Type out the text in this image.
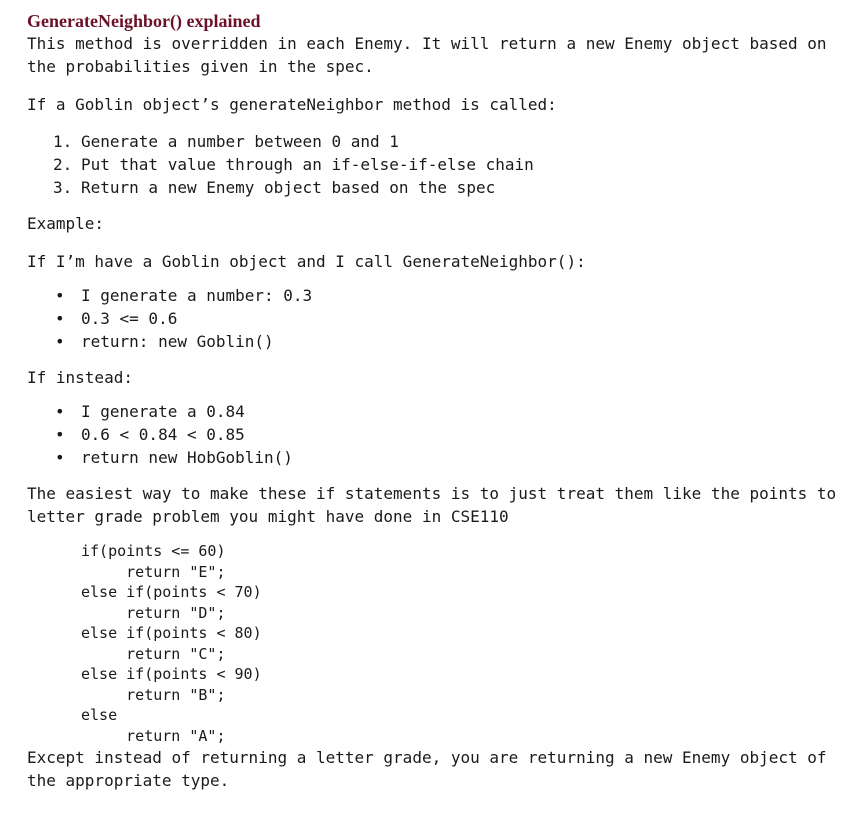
GenerateNeighbor() explained

This method is overridden in each Enemy. It will return a new Enemy object based on the probabilities given in the spec.

If a Goblin object’s generateNeighbor method is called:

1. Generate a number between 0 and 1
2. Put that value through an if-else-if-else chain
3. Return a new Enemy object based on the spec

Example:

If I’m have a Goblin object and I call GenerateNeighbor():

• I generate a number: 0.3
• 0.3 <= 0.6
• return: new Goblin()

If instead:

• I generate a 0.84
• 0.6 < 0.84 < 0.85
• return new HobGoblin()

The easiest way to make these if statements is to just treat them like the points to letter grade problem you might have done in CSE110

if(points <= 60)
return "E";
else if(points < 70)
return "D";
else if(points < 80)
return "C";
else if(points < 90)
return "B";
else
return "A";

Except instead of returning a letter grade, you are returning a new Enemy object of the appropriate type.
